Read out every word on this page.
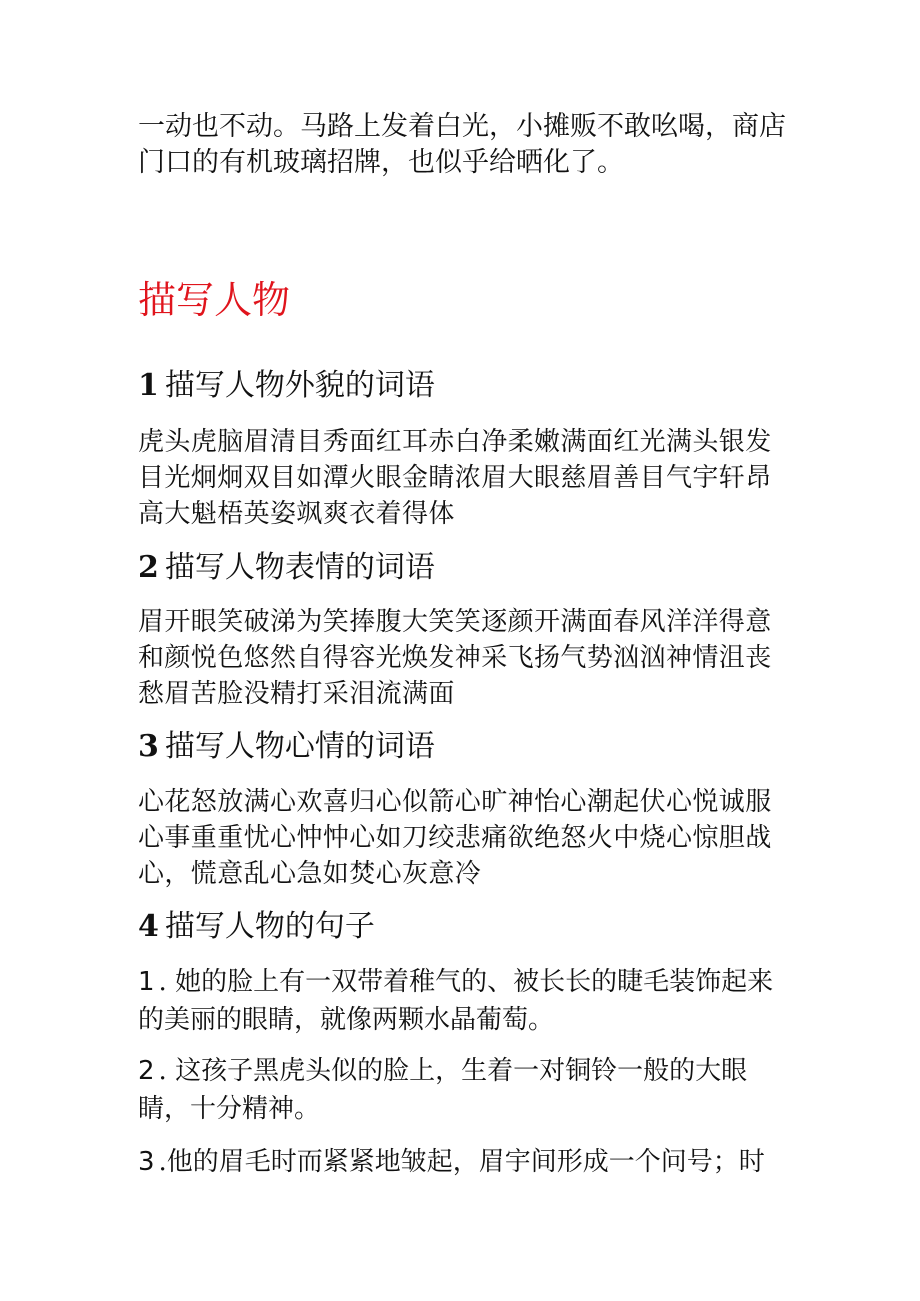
一动也不动。马路上发着白光，小摊贩不敢吆喝，商店门口的有机玻璃招牌，也似乎给晒化了。

描写人物
1 描写人物外貌的词语
虎头虎脑眉清目秀面红耳赤白净柔嫩满面红光满头银发
目光炯炯双目如潭火眼金睛浓眉大眼慈眉善目气宇轩昂
高大魁梧英姿飒爽衣着得体
2 描写人物表情的词语
眉开眼笑破涕为笑捧腹大笑笑逐颜开满面春风洋洋得意
和颜悦色悠然自得容光焕发神采飞扬气势汹汹神情沮丧
愁眉苦脸没精打采泪流满面
3 描写人物心情的词语
心花怒放满心欢喜归心似箭心旷神怡心潮起伏心悦诚服
心事重重忧心忡忡心如刀绞悲痛欲绝怒火中烧心惊胆战
心，慌意乱心急如焚心灰意冷
4 描写人物的句子

1 . 她的脸上有一双带着稚气的、被长长的睫毛装饰起来的美丽的眼睛，就像两颗水晶葡萄。

2 . 这孩子黑虎头似的脸上，生着一对铜铃一般的大眼睛，十分精神。

3 .他的眉毛时而紧紧地皱起，眉宇间形成一个问号；时
